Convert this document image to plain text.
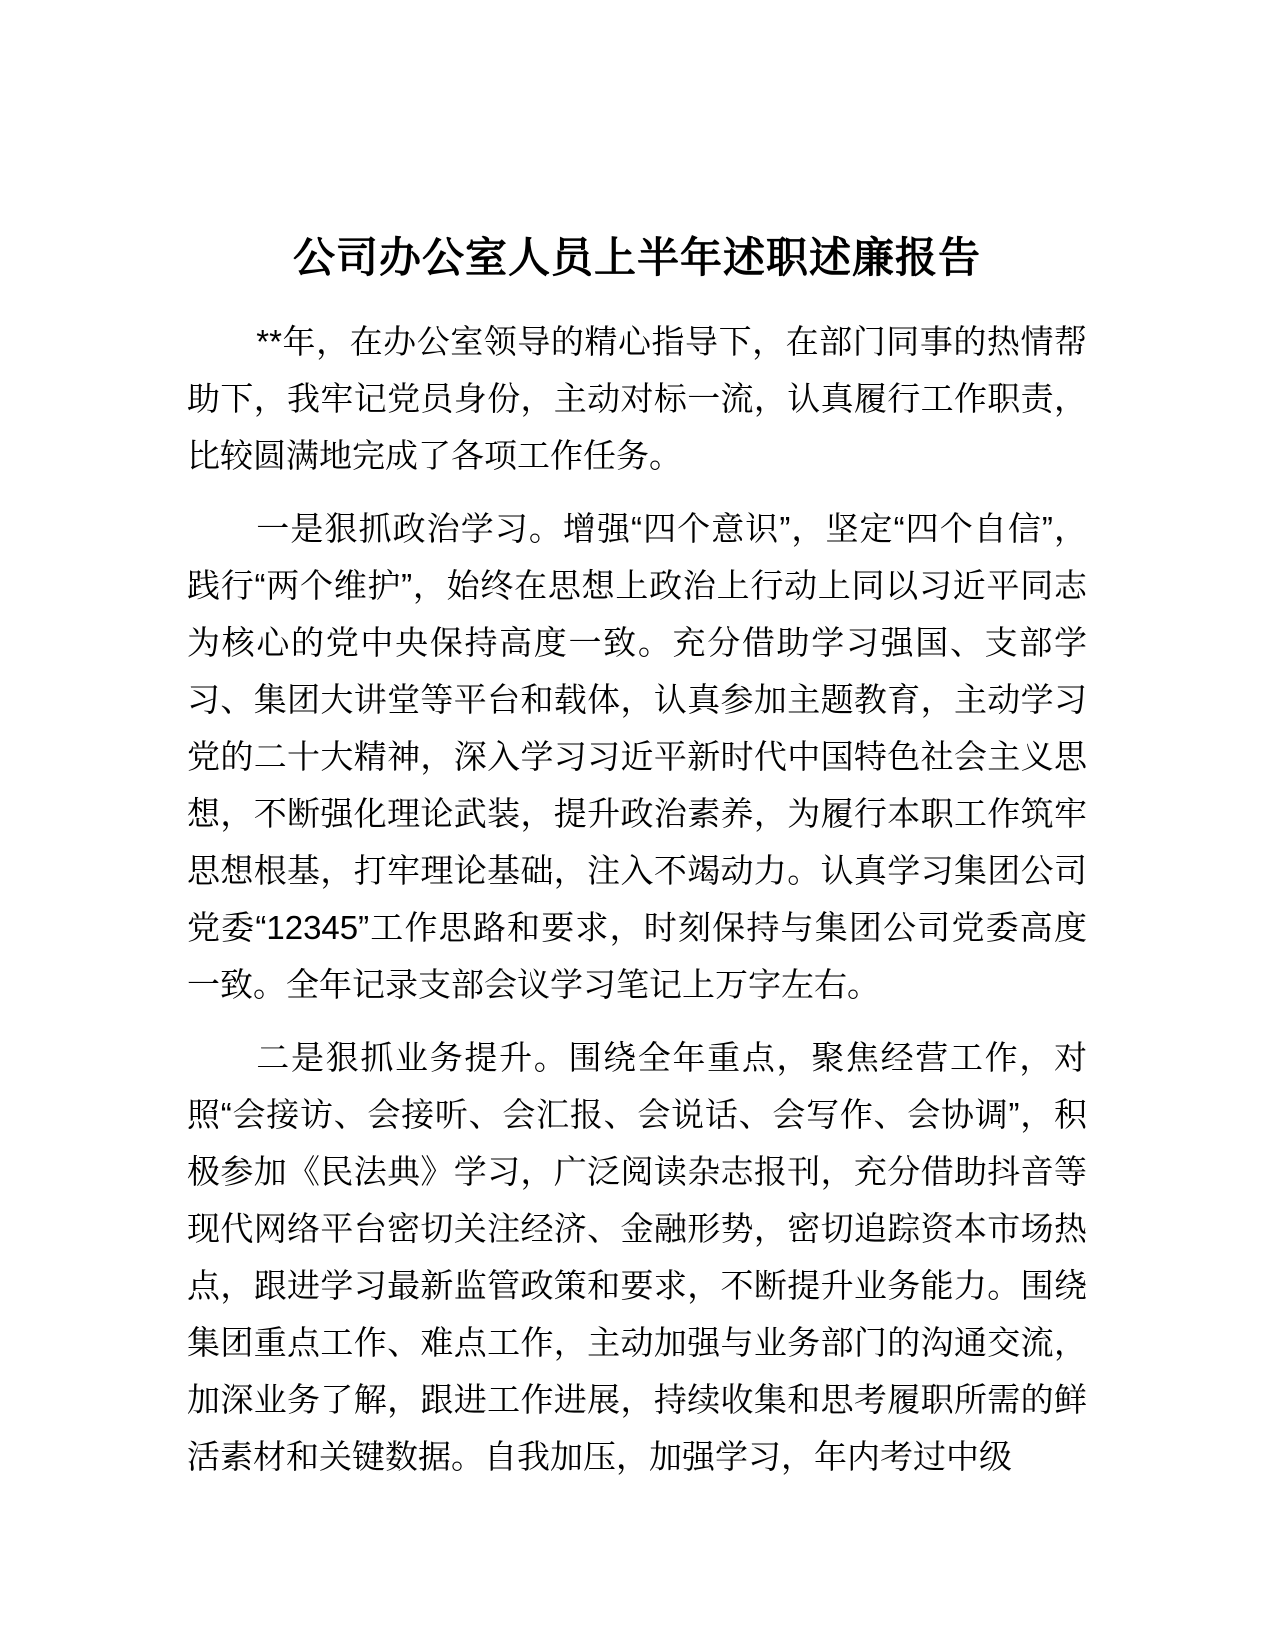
公司办公室人员上半年述职述廉报告

**年，在办公室领导的精心指导下，在部门同事的热情帮助下，我牢记党员身份，主动对标一流，认真履行工作职责，比较圆满地完成了各项工作任务。

一是狠抓政治学习。增强“四个意识”，坚定“四个自信”，践行“两个维护”，始终在思想上政治上行动上同以习近平同志为核心的党中央保持高度一致。充分借助学习强国、支部学习、集团大讲堂等平台和载体，认真参加主题教育，主动学习党的二十大精神，深入学习习近平新时代中国特色社会主义思想，不断强化理论武装，提升政治素养，为履行本职工作筑牢思想根基，打牢理论基础，注入不竭动力。认真学习集团公司党委“12345”工作思路和要求，时刻保持与集团公司党委高度一致。全年记录支部会议学习笔记上万字左右。

二是狠抓业务提升。围绕全年重点，聚焦经营工作，对照“会接访、会接听、会汇报、会说话、会写作、会协调”，积极参加《民法典》学习，广泛阅读杂志报刊，充分借助抖音等现代网络平台密切关注经济、金融形势，密切追踪资本市场热点，跟进学习最新监管政策和要求，不断提升业务能力。围绕集团重点工作、难点工作，主动加强与业务部门的沟通交流，加深业务了解，跟进工作进展，持续收集和思考履职所需的鲜活素材和关键数据。自我加压，加强学习，年内考过中级
